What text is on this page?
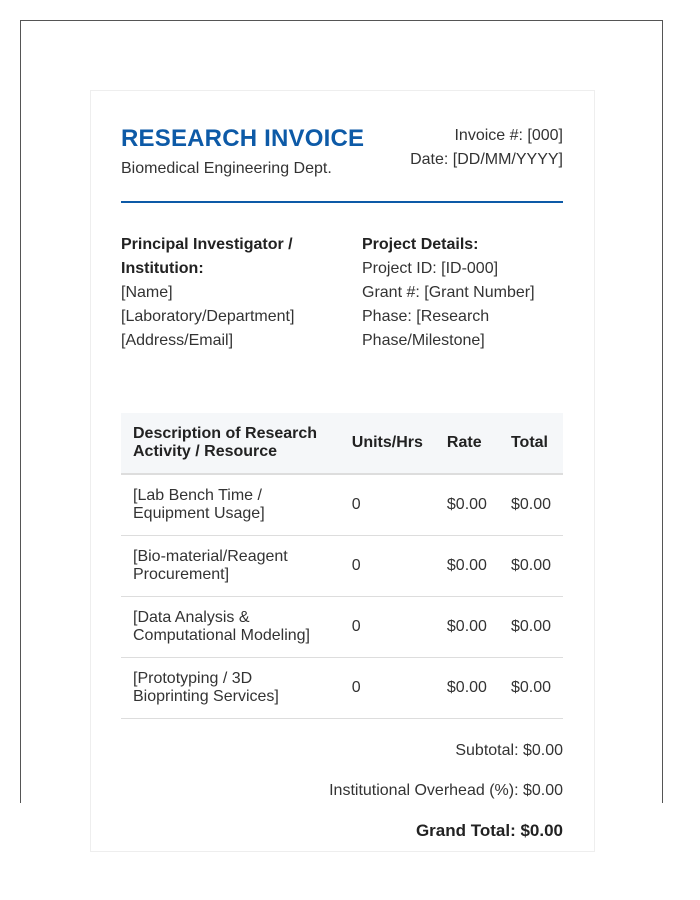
RESEARCH INVOICE
Biomedical Engineering Dept.
Invoice #: [000]
Date: [DD/MM/YYYY]
Principal Investigator / Institution:
[Name]
[Laboratory/Department]
[Address/Email]
Project Details:
Project ID: [ID-000]
Grant #: [Grant Number]
Phase: [Research Phase/Milestone]
Description of Research Activity / Resource	Units/Hrs	Rate	Total
[Lab Bench Time / Equipment Usage]	0	$0.00	$0.00
[Bio-material/Reagent Procurement]	0	$0.00	$0.00
[Data Analysis & Computational Modeling]	0	$0.00	$0.00
[Prototyping / 3D Bioprinting Services]	0	$0.00	$0.00
Subtotal: $0.00
Institutional Overhead (%): $0.00
Grand Total: $0.00
